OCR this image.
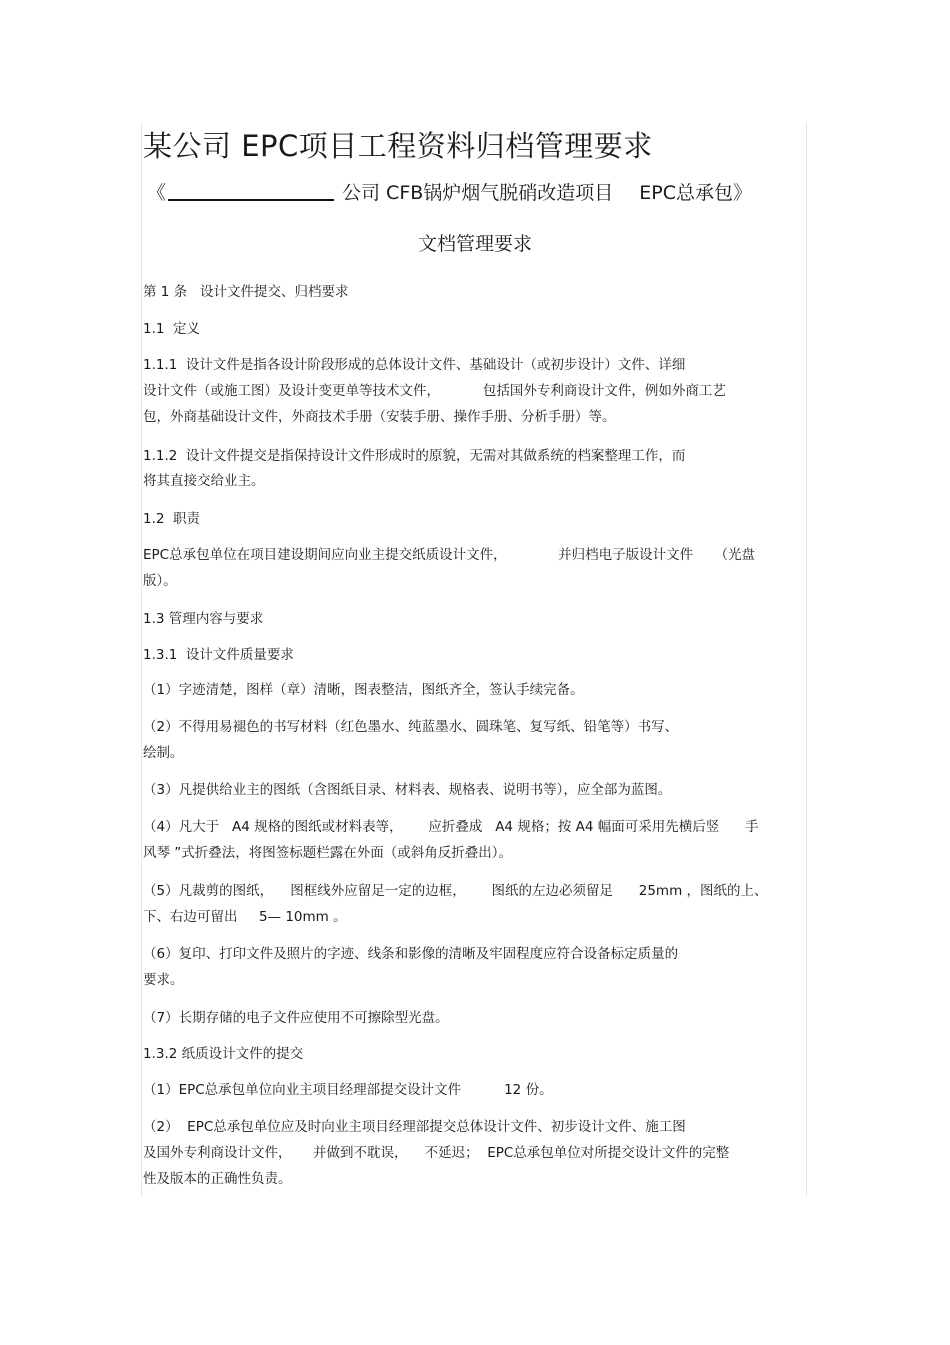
某公司 EPC项目工程资料归档管理要求
《	公司 CFB锅炉烟气脱硝改造项目 EPC总承包》
文档管理要求
第 1 条   设计文件提交、归档要求
1.1  定义
1.1.1  设计文件是指各设计阶段形成的总体设计文件、基础设计（或初步设计）文件、详细
设计文件（或施工图）及设计变更单等技术文件，          包括国外专利商设计文件，例如外商工艺
包，外商基础设计文件，外商技术手册（安装手册、操作手册、分析手册）等。
1.1.2  设计文件提交是指保持设计文件形成时的原貌，无需对其做系统的档案整理工作，而
将其直接交给业主。
1.2  职责
EPC总承包单位在项目建设期间应向业主提交纸质设计文件，            并归档电子版设计文件     （光盘
版）。
1.3 管理内容与要求
1.3.1  设计文件质量要求
（1）字迹清楚，图样（章）清晰，图表整洁，图纸齐全，签认手续完备。
（2）不得用易褪色的书写材料（红色墨水、纯蓝墨水、圆珠笔、复写纸、铅笔等）书写、
绘制。
（3）凡提供给业主的图纸（含图纸目录、材料表、规格表、说明书等），应全部为蓝图。
（4）凡大于   A4 规格的图纸或材料表等，      应折叠成   A4 规格；按 A4 幅面可采用先横后竖      手
风琴 ”式折叠法，将图签标题栏露在外面（或斜角反折叠出）。
（5）凡裁剪的图纸，    图框线外应留足一定的边框，      图纸的左边必须留足      25mm ，图纸的上、
下、右边可留出     5— 10mm 。
（6）复印、打印文件及照片的字迹、线条和影像的清晰及牢固程度应符合设备标定质量的
要求。
（7）长期存储的电子文件应使用不可擦除型光盘。
1.3.2 纸质设计文件的提交
（1）EPC总承包单位向业主项目经理部提交设计文件          12 份。
（2）  EPC总承包单位应及时向业主项目经理部提交总体设计文件、初步设计文件、施工图
及国外专利商设计文件，     并做到不耽误，    不延迟；  EPC总承包单位对所提交设计文件的完整
性及版本的正确性负责。
